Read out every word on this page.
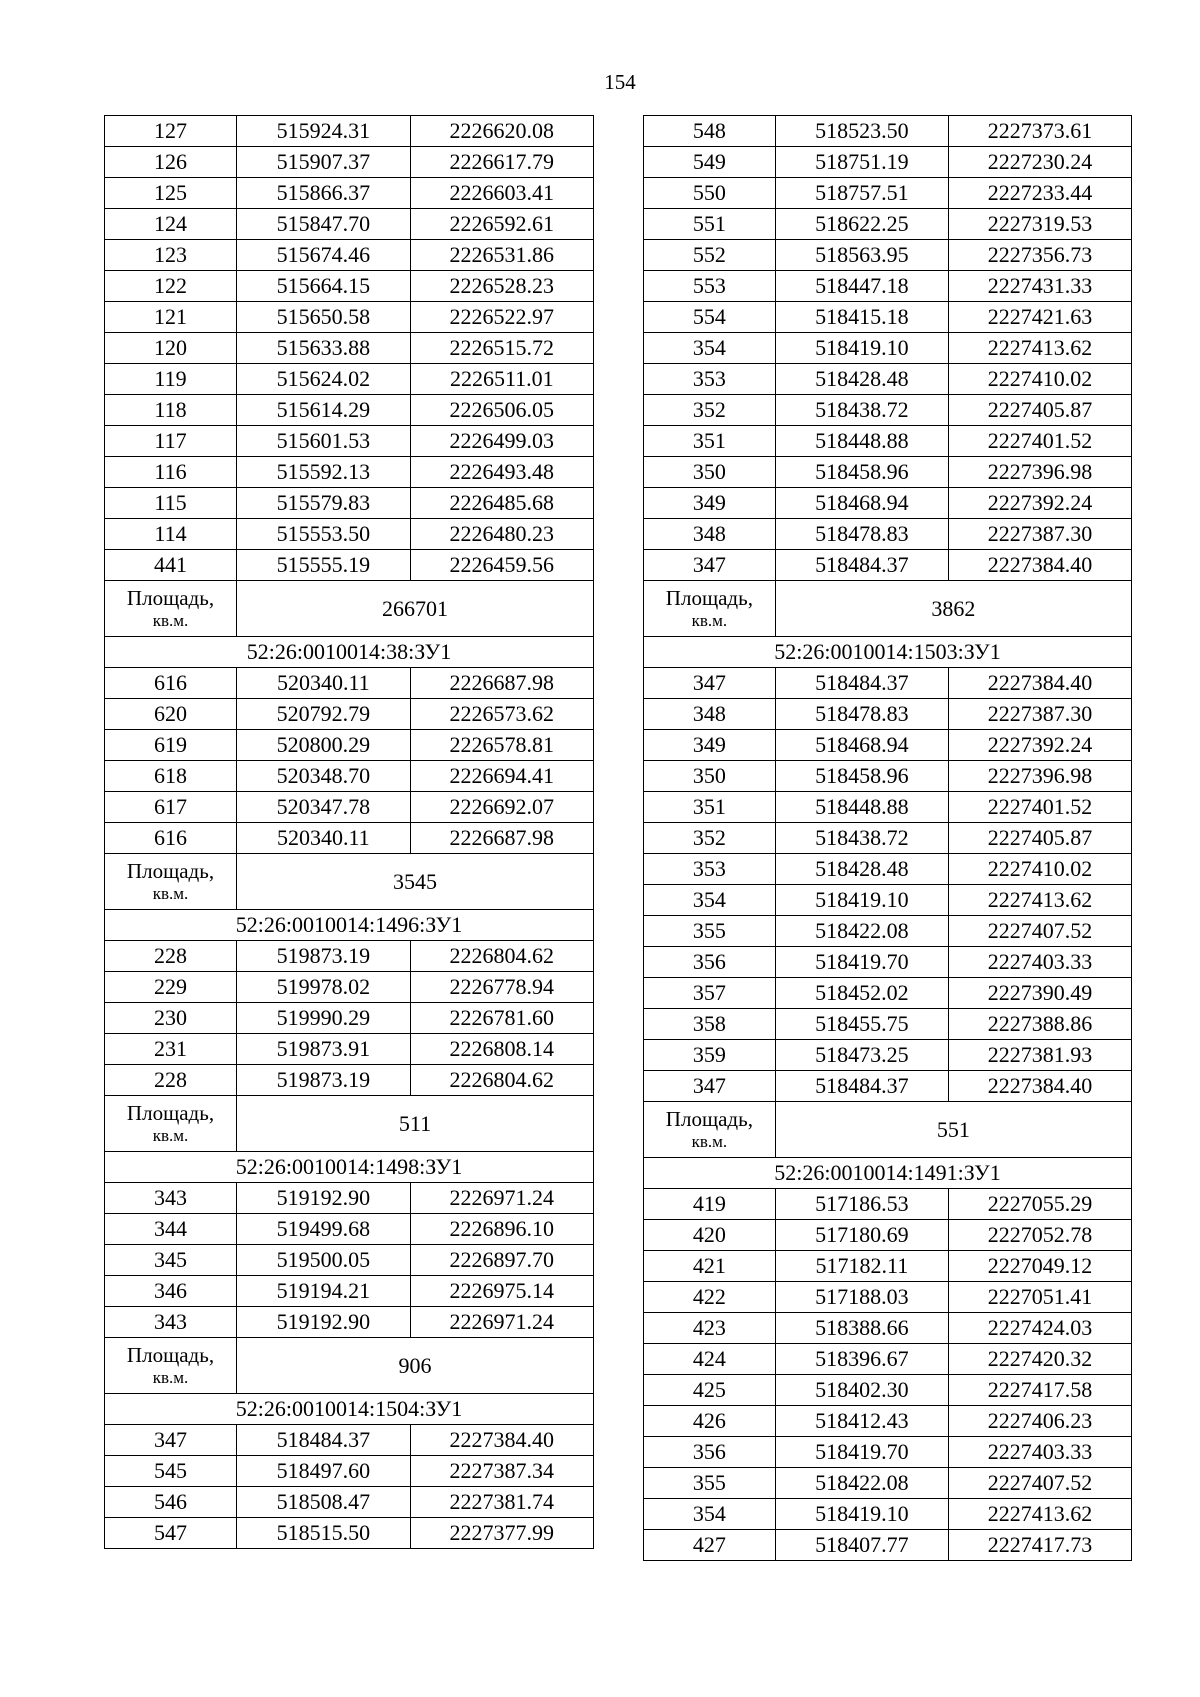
154
127	515924.31	2226620.08
126	515907.37	2226617.79
125	515866.37	2226603.41
124	515847.70	2226592.61
123	515674.46	2226531.86
122	515664.15	2226528.23
121	515650.58	2226522.97
120	515633.88	2226515.72
119	515624.02	2226511.01
118	515614.29	2226506.05
117	515601.53	2226499.03
116	515592.13	2226493.48
115	515579.83	2226485.68
114	515553.50	2226480.23
441	515555.19	2226459.56

Площадь,
кв.м.	266701	
52:26:0010014:38:ЗУ1		
616	520340.11	2226687.98
620	520792.79	2226573.62
619	520800.29	2226578.81
618	520348.70	2226694.41
617	520347.78	2226692.07
616	520340.11	2226687.98

Площадь,
кв.м.	3545	
52:26:0010014:1496:ЗУ1		
228	519873.19	2226804.62
229	519978.02	2226778.94
230	519990.29	2226781.60
231	519873.91	2226808.14
228	519873.19	2226804.62

Площадь,
кв.м.	511	
52:26:0010014:1498:ЗУ1		
343	519192.90	2226971.24
344	519499.68	2226896.10
345	519500.05	2226897.70
346	519194.21	2226975.14
343	519192.90	2226971.24

Площадь,
кв.м.	906	
52:26:0010014:1504:ЗУ1		
347	518484.37	2227384.40
545	518497.60	2227387.34
546	518508.47	2227381.74
547	518515.50	2227377.99
548	518523.50	2227373.61
549	518751.19	2227230.24
550	518757.51	2227233.44
551	518622.25	2227319.53
552	518563.95	2227356.73
553	518447.18	2227431.33
554	518415.18	2227421.63
354	518419.10	2227413.62
353	518428.48	2227410.02
352	518438.72	2227405.87
351	518448.88	2227401.52
350	518458.96	2227396.98
349	518468.94	2227392.24
348	518478.83	2227387.30
347	518484.37	2227384.40

Площадь,
кв.м.	3862	
52:26:0010014:1503:ЗУ1		
347	518484.37	2227384.40
348	518478.83	2227387.30
349	518468.94	2227392.24
350	518458.96	2227396.98
351	518448.88	2227401.52
352	518438.72	2227405.87
353	518428.48	2227410.02
354	518419.10	2227413.62
355	518422.08	2227407.52
356	518419.70	2227403.33
357	518452.02	2227390.49
358	518455.75	2227388.86
359	518473.25	2227381.93
347	518484.37	2227384.40

Площадь,
кв.м.	551	
52:26:0010014:1491:ЗУ1		
419	517186.53	2227055.29
420	517180.69	2227052.78
421	517182.11	2227049.12
422	517188.03	2227051.41
423	518388.66	2227424.03
424	518396.67	2227420.32
425	518402.30	2227417.58
426	518412.43	2227406.23
356	518419.70	2227403.33
355	518422.08	2227407.52
354	518419.10	2227413.62
427	518407.77	2227417.73
